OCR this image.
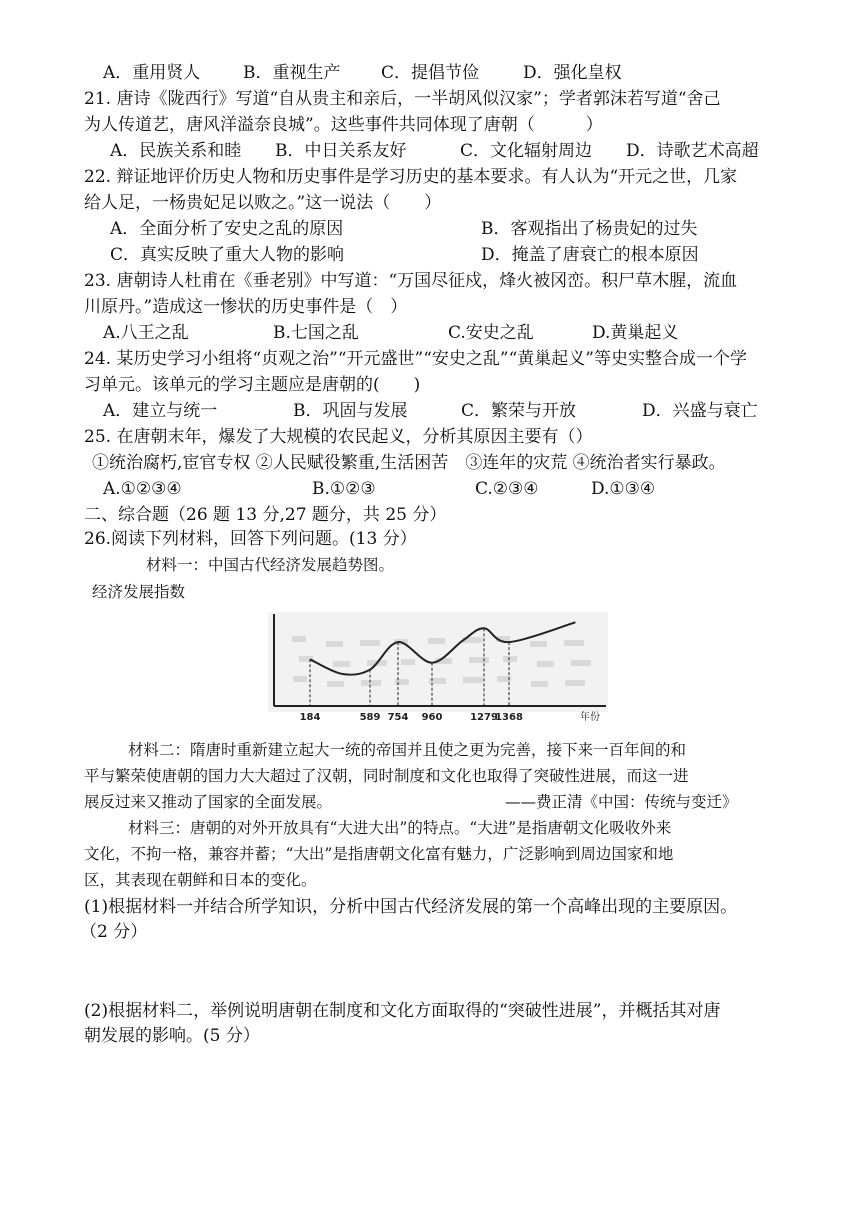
A．重用贤人	B．重视生产 C．提倡节俭	D．强化皇权
21. 唐诗《陇西行》写道“自从贵主和亲后，一半胡风似汉家”；学者郭沫若写道“舍己
为人传道艺，唐风洋溢奈良城”。这些事件共同体现了唐朝（　　　）
A．民族关系和睦 B．中日关系友好	C．文化辐射周边 D．诗歌艺术高超
22. 辩证地评价历史人物和历史事件是学习历史的基本要求。有人认为“开元之世，几家
给人足，一杨贵妃足以败之。”这一说法（　　）
A．全面分析了安史之乱的原因	B．客观指出了杨贵妃的过失
C．真实反映了重大人物的影响	D．掩盖了唐衰亡的根本原因
23. 唐朝诗人杜甫在《垂老别》中写道：“万国尽征戍，烽火被冈峦。积尸草木腥，流血
川原丹。”造成这一惨状的历史事件是（　）
A.八王之乱	B.七国之乱	C.安史之乱	D.黄巢起义
24. 某历史学习小组将“贞观之治”“开元盛世”“安史之乱”“黄巢起义”等史实整合成一个学
习单元。该单元的学习主题应是唐朝的(　　)
A．建立与统一	B．巩固与发展	C．繁荣与开放	D．兴盛与衰亡
25. 在唐朝末年，爆发了大规模的农民起义，分析其原因主要有（）
①统治腐朽,宦官专权 ②人民赋役繁重,生活困苦　③连年的灾荒 ④统治者实行暴政。
A.①②③④	B.①②③	C.②③④	D.①③④
二、综合题（26 题 13 分,27 题分，共 25 分）
26.阅读下列材料，回答下列问题。(13 分）
材料一：中国古代经济发展趋势图。
经济发展指数
184	589 754 960	1279
1368	年份
材料二：隋唐时重新建立起大一统的帝国并且使之更为完善，接下来一百年间的和
平与繁荣使唐朝的国力大大超过了汉朝，同时制度和文化也取得了突破性进展，而这一进
展反过来又推动了国家的全面发展。	——费正清《中国：传统与变迁》
材料三：唐朝的对外开放具有“大进大出”的特点。“大进”是指唐朝文化吸收外来
文化，不拘一格，兼容并蓄；“大出”是指唐朝文化富有魅力，广泛影响到周边国家和地
区，其表现在朝鲜和日本的变化。
(1)根据材料一并结合所学知识，分析中国古代经济发展的第一个高峰出现的主要原因。
（2 分）
(2)根据材料二，举例说明唐朝在制度和文化方面取得的“突破性进展”，并概括其对唐
朝发展的影响。(5 分）
